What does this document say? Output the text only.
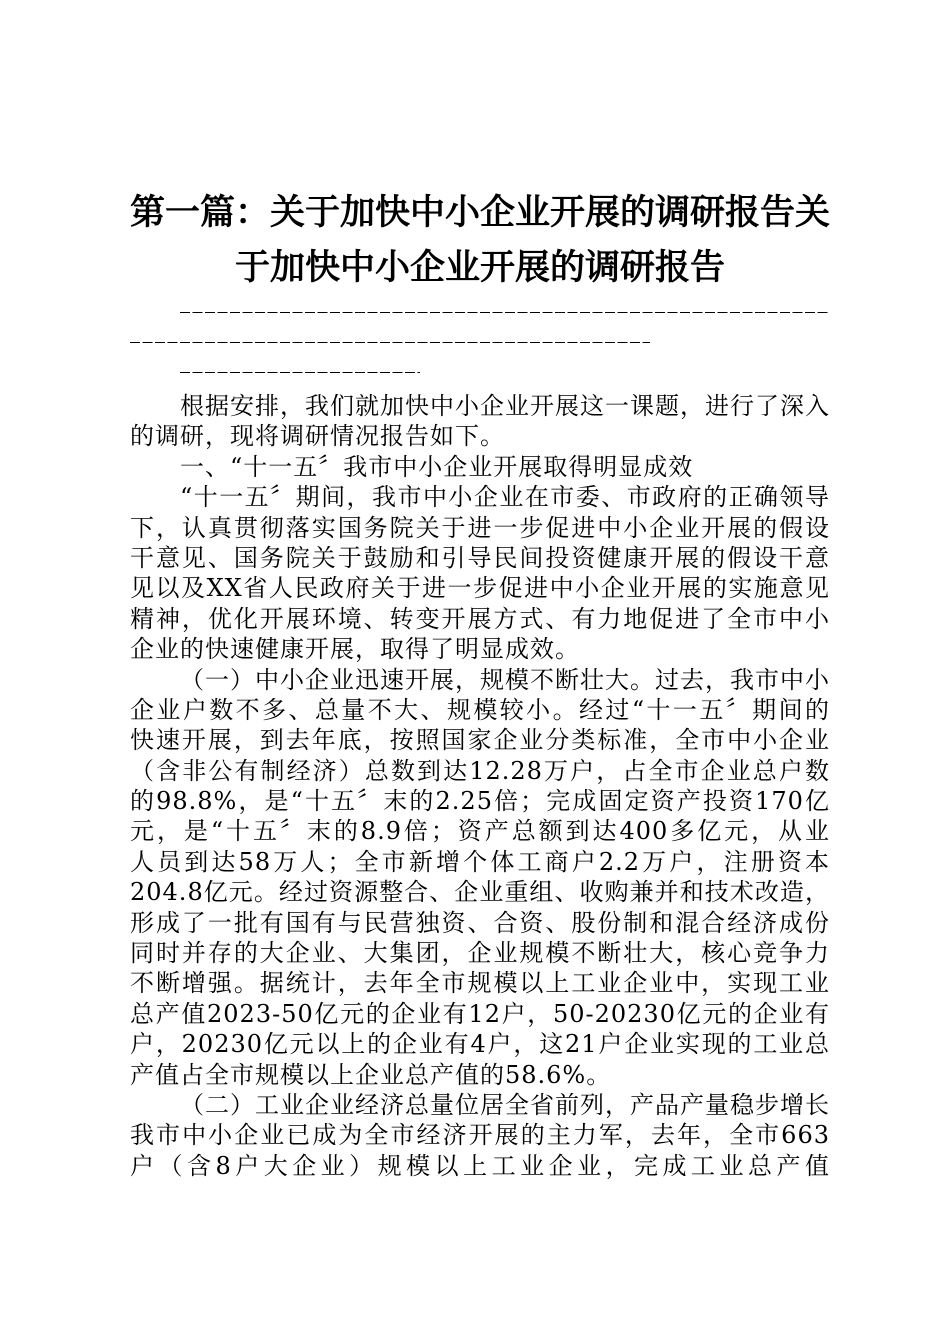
第一篇：关于加快中小企业开展的调研报告关
于加快中小企业开展的调研报告
根据安排，我们就加快中小企业开展这一课题，进行了深入
的调研，现将调研情况报告如下。
一、“十一五〞我市中小企业开展取得明显成效
“十一五〞期间，我市中小企业在市委、市政府的正确领导
下，认真贯彻落实国务院关于进一步促进中小企业开展的假设
干意见、国务院关于鼓励和引导民间投资健康开展的假设干意
见以及XX省人民政府关于进一步促进中小企业开展的实施意见
精神，优化开展环境、转变开展方式、有力地促进了全市中小
企业的快速健康开展，取得了明显成效。
（一）中小企业迅速开展，规模不断壮大。过去，我市中小
企业户数不多、总量不大、规模较小。经过“十一五〞期间的
快速开展，到去年底，按照国家企业分类标准，全市中小企业
（含非公有制经济）总数到达12.28万户，占全市企业总户数
的98.8%，是“十五〞末的2.25倍；完成固定资产投资170亿
元，是“十五〞末的8.9倍；资产总额到达400多亿元，从业
人员到达58万人；全市新增个体工商户2.2万户，注册资本
204.8亿元。经过资源整合、企业重组、收购兼并和技术改造，
形成了一批有国有与民营独资、合资、股份制和混合经济成份
同时并存的大企业、大集团，企业规模不断壮大，核心竞争力
不断增强。据统计，去年全市规模以上工业企业中，实现工业
总产值2023-50亿元的企业有12户，50-20230亿元的企业有
户，20230亿元以上的企业有4户，这21户企业实现的工业总
产值占全市规模以上企业总产值的58.6%。
（二）工业企业经济总量位居全省前列，产品产量稳步增长
我市中小企业已成为全市经济开展的主力军，去年，全市663
户（含8户大企业）规模以上工业企业，完成工业总产值
